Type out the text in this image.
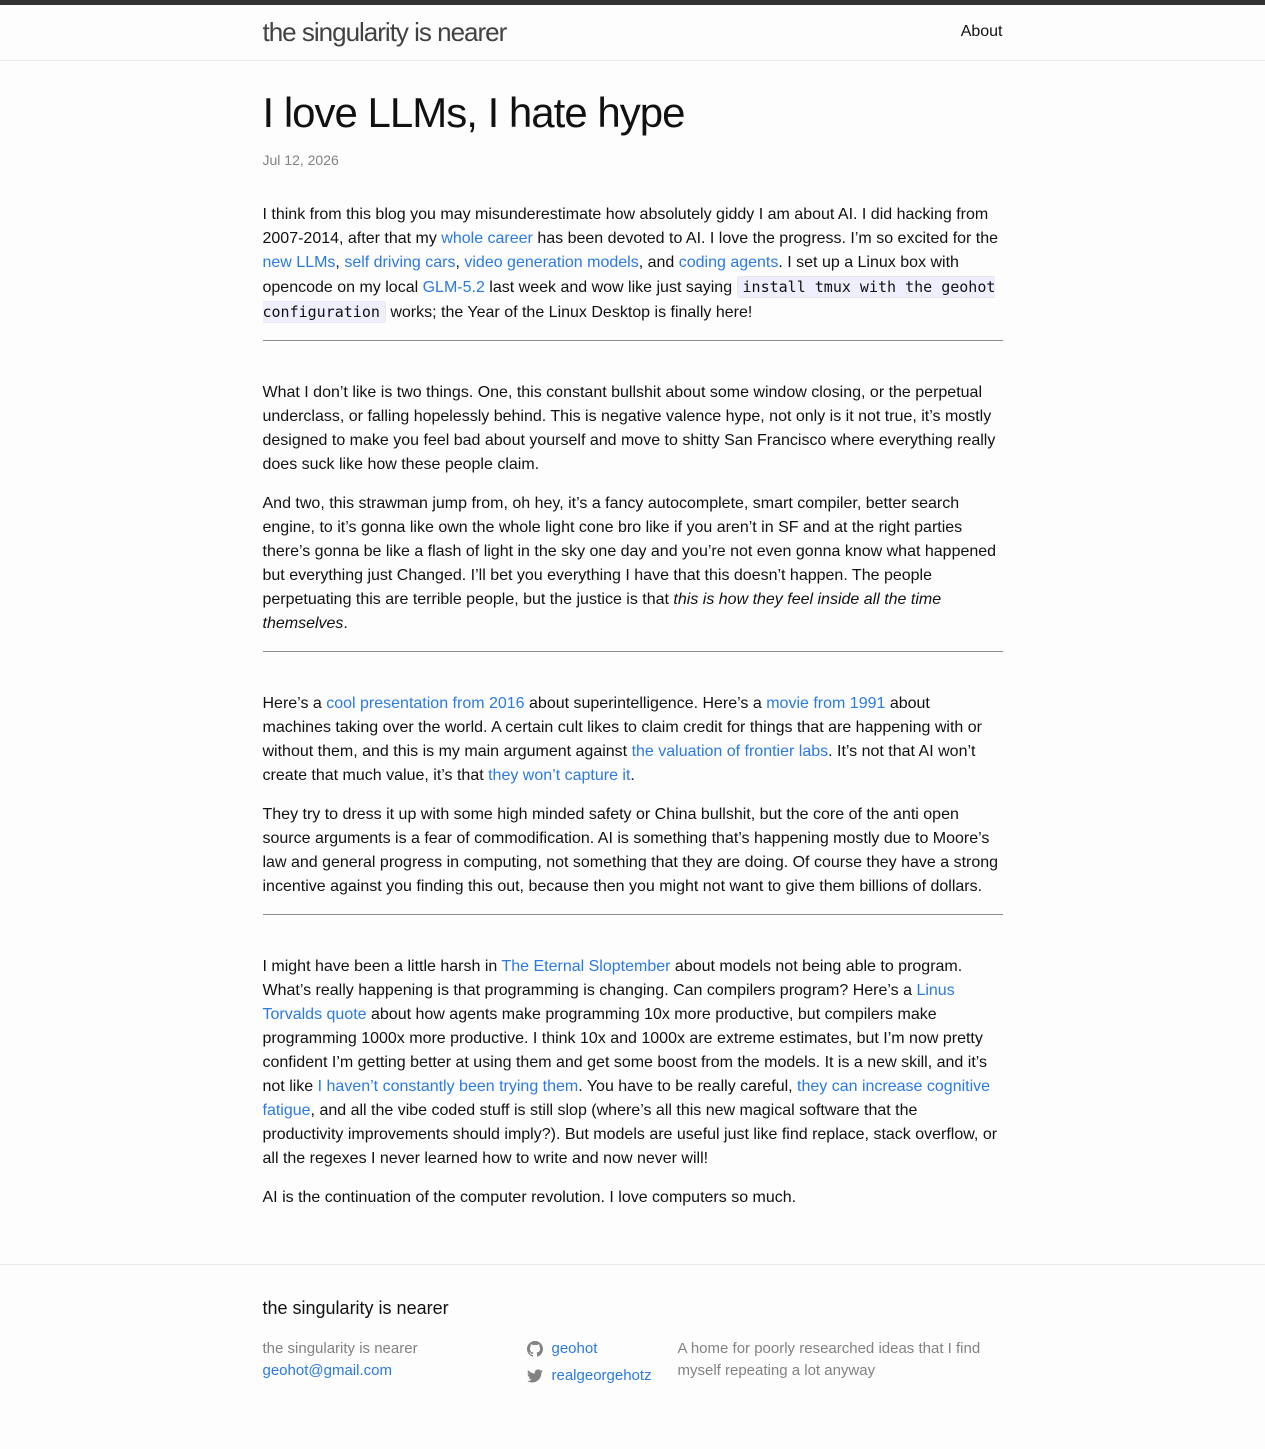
the singularity is nearer	About
I love LLMs, I hate hype
Jul 12, 2026

I think from this blog you may misunderestimate how absolutely giddy I am about AI. I did hacking from 2007-2014, after that my whole career has been devoted to AI. I love the progress. I’m so excited for the new LLMs, self driving cars, video generation models, and coding agents. I set up a Linux box with opencode on my local GLM-5.2 last week and wow like just saying install tmux with the geohot configuration works; the Year of the Linux Desktop is finally here!

What I don’t like is two things. One, this constant bullshit about some window closing, or the perpetual underclass, or falling hopelessly behind. This is negative valence hype, not only is it not true, it’s mostly designed to make you feel bad about yourself and move to shitty San Francisco where everything really does suck like how these people claim.

And two, this strawman jump from, oh hey, it’s a fancy autocomplete, smart compiler, better search engine, to it’s gonna like own the whole light cone bro like if you aren’t in SF and at the right parties there’s gonna be like a flash of light in the sky one day and you’re not even gonna know what happened but everything just Changed. I’ll bet you everything I have that this doesn’t happen. The people perpetuating this are terrible people, but the justice is that this is how they feel inside all the time themselves.

Here’s a cool presentation from 2016 about superintelligence. Here’s a movie from 1991 about machines taking over the world. A certain cult likes to claim credit for things that are happening with or without them, and this is my main argument against the valuation of frontier labs. It’s not that AI won’t create that much value, it’s that they won’t capture it.

They try to dress it up with some high minded safety or China bullshit, but the core of the anti open source arguments is a fear of commodification. AI is something that’s happening mostly due to Moore’s law and general progress in computing, not something that they are doing. Of course they have a strong incentive against you finding this out, because then you might not want to give them billions of dollars.

I might have been a little harsh in The Eternal Sloptember about models not being able to program. What’s really happening is that programming is changing. Can compilers program? Here’s a Linus Torvalds quote about how agents make programming 10x more productive, but compilers make programming 1000x more productive. I think 10x and 1000x are extreme estimates, but I’m now pretty confident I’m getting better at using them and get some boost from the models. It is a new skill, and it’s not like I haven’t constantly been trying them. You have to be really careful, they can increase cognitive fatigue, and all the vibe coded stuff is still slop (where’s all this new magical software that the productivity improvements should imply?). But models are useful just like find replace, stack overflow, or all the regexes I never learned how to write and now never will!

AI is the continuation of the computer revolution. I love computers so much.

the singularity is nearer
the singularity is nearer
geohot@gmail.com
geohot
realgeorgehotz
A home for poorly researched ideas that I find myself repeating a lot anyway
